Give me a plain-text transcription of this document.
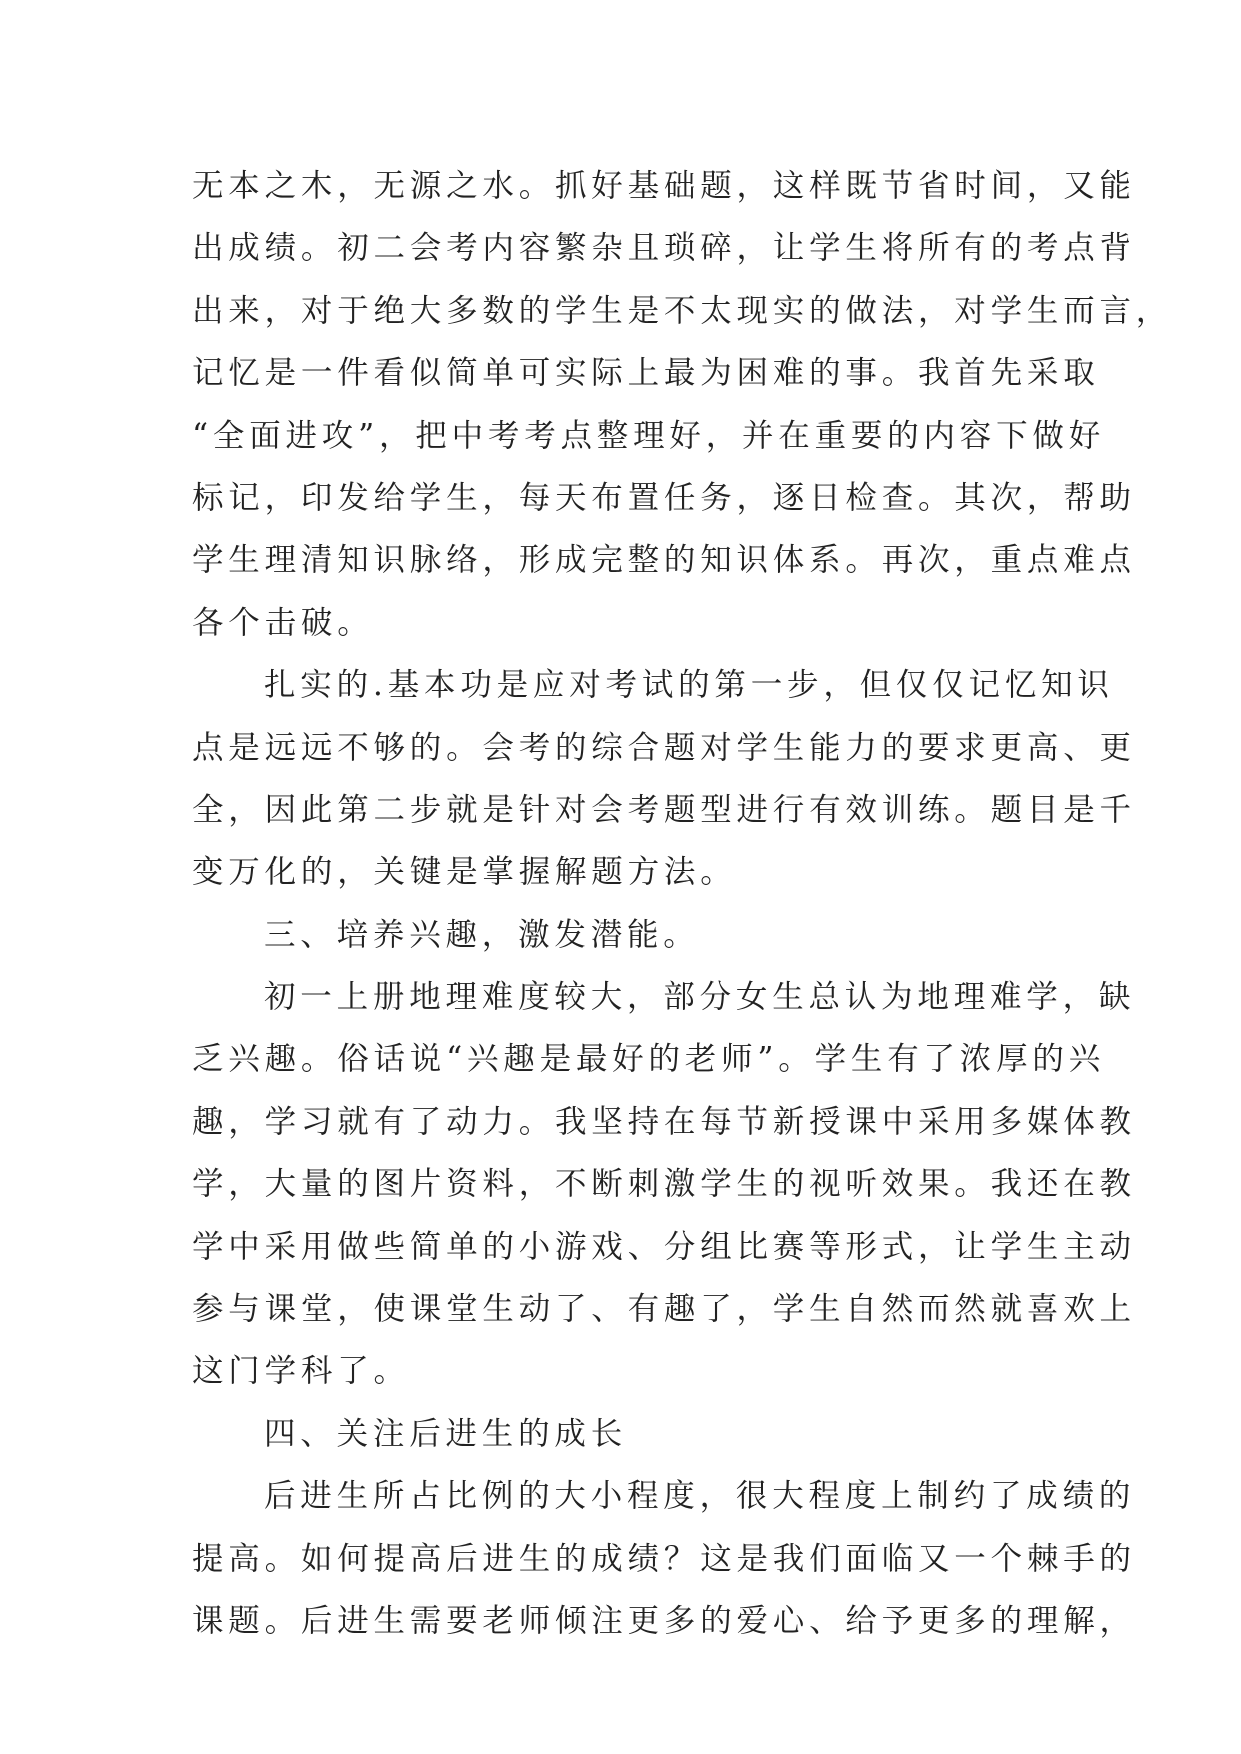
无本之木，无源之水。抓好基础题，这样既节省时间，又能
出成绩。初二会考内容繁杂且琐碎，让学生将所有的考点背
出来，对于绝大多数的学生是不太现实的做法，对学生而言，
记忆是一件看似简单可实际上最为困难的事。我首先采取
“全面进攻”，把中考考点整理好，并在重要的内容下做好
标记，印发给学生，每天布置任务，逐日检查。其次，帮助
学生理清知识脉络，形成完整的知识体系。再次，重点难点
各个击破。
扎实的.基本功是应对考试的第一步，但仅仅记忆知识
点是远远不够的。会考的综合题对学生能力的要求更高、更
全，因此第二步就是针对会考题型进行有效训练。题目是千
变万化的，关键是掌握解题方法。
三、培养兴趣，激发潜能。
初一上册地理难度较大，部分女生总认为地理难学，缺
乏兴趣。俗话说“兴趣是最好的老师”。学生有了浓厚的兴
趣，学习就有了动力。我坚持在每节新授课中采用多媒体教
学，大量的图片资料，不断刺激学生的视听效果。我还在教
学中采用做些简单的小游戏、分组比赛等形式，让学生主动
参与课堂，使课堂生动了、有趣了，学生自然而然就喜欢上
这门学科了。
四、关注后进生的成长
后进生所占比例的大小程度，很大程度上制约了成绩的
提高。如何提高后进生的成绩？这是我们面临又一个棘手的
课题。后进生需要老师倾注更多的爱心、给予更多的理解，
